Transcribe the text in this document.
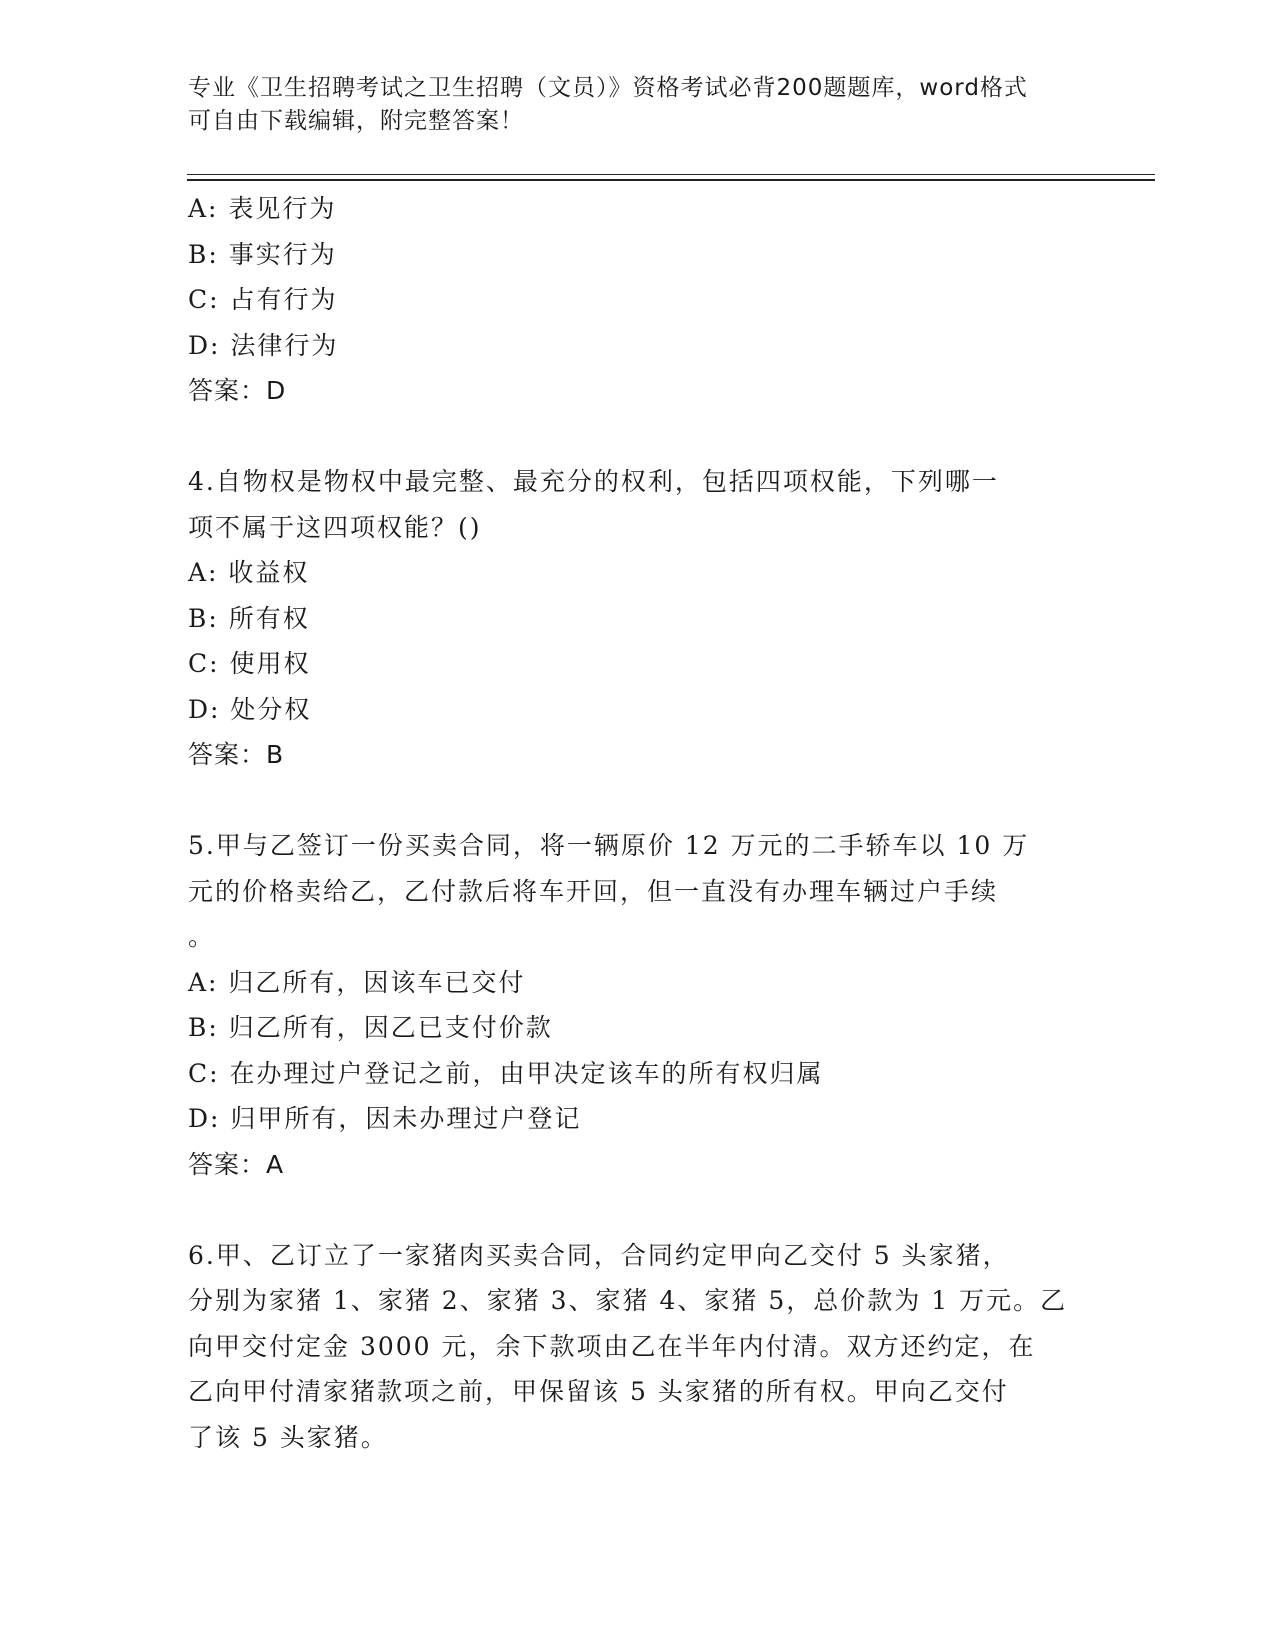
专业《卫生招聘考试之卫生招聘（文员）》资格考试必背200题题库，word格式
可自由下载编辑，附完整答案！
A: 表见行为
B: 事实行为
C: 占有行为
D: 法律行为
答案：D
4.自物权是物权中最完整、最充分的权利，包括四项权能，下列哪一
项不属于这四项权能？()
A: 收益权
B: 所有权
C: 使用权
D: 处分权
答案：B
5.甲与乙签订一份买卖合同，将一辆原价 12 万元的二手轿车以 10 万
元的价格卖给乙，乙付款后将车开回，但一直没有办理车辆过户手续
。
A: 归乙所有，因该车已交付
B: 归乙所有，因乙已支付价款
C: 在办理过户登记之前，由甲决定该车的所有权归属
D: 归甲所有，因未办理过户登记
答案：A
6.甲、乙订立了一家猪肉买卖合同，合同约定甲向乙交付 5 头家猪，
分别为家猪 1、家猪 2、家猪 3、家猪 4、家猪 5，总价款为 1 万元。乙
向甲交付定金 3000 元，余下款项由乙在半年内付清。双方还约定，在
乙向甲付清家猪款项之前，甲保留该 5 头家猪的所有权。甲向乙交付
了该 5 头家猪。
